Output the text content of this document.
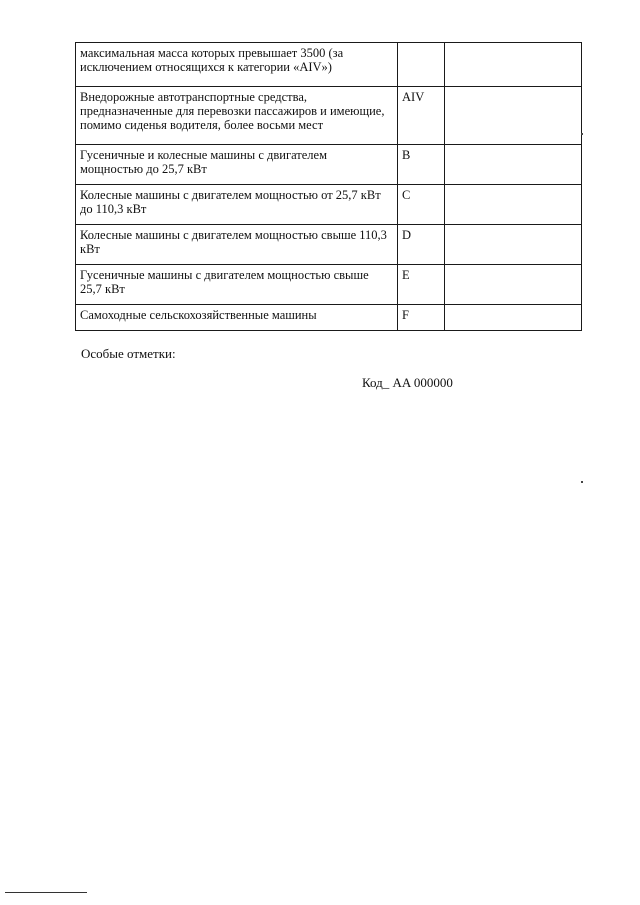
максимальная масса которых превышает 3500 (за исключением относящихся к категории «AIV»)		
Внедорожные автотранспортные средства, предназначенные для перевозки пассажиров и имеющие, помимо сиденья водителя, более восьми мест	AIV	
Гусеничные и колесные машины с двигателем мощностью до 25,7 кВт	B	
Колесные машины с двигателем мощностью от 25,7 кВт до 110,3 кВт	C	
Колесные машины с двигателем мощностью свыше 110,3 кВт	D	
Гусеничные машины с двигателем мощностью свыше 25,7 кВт	E	
Самоходные сельскохозяйственные машины	F	
Особые отметки:
Код_ AA 000000
